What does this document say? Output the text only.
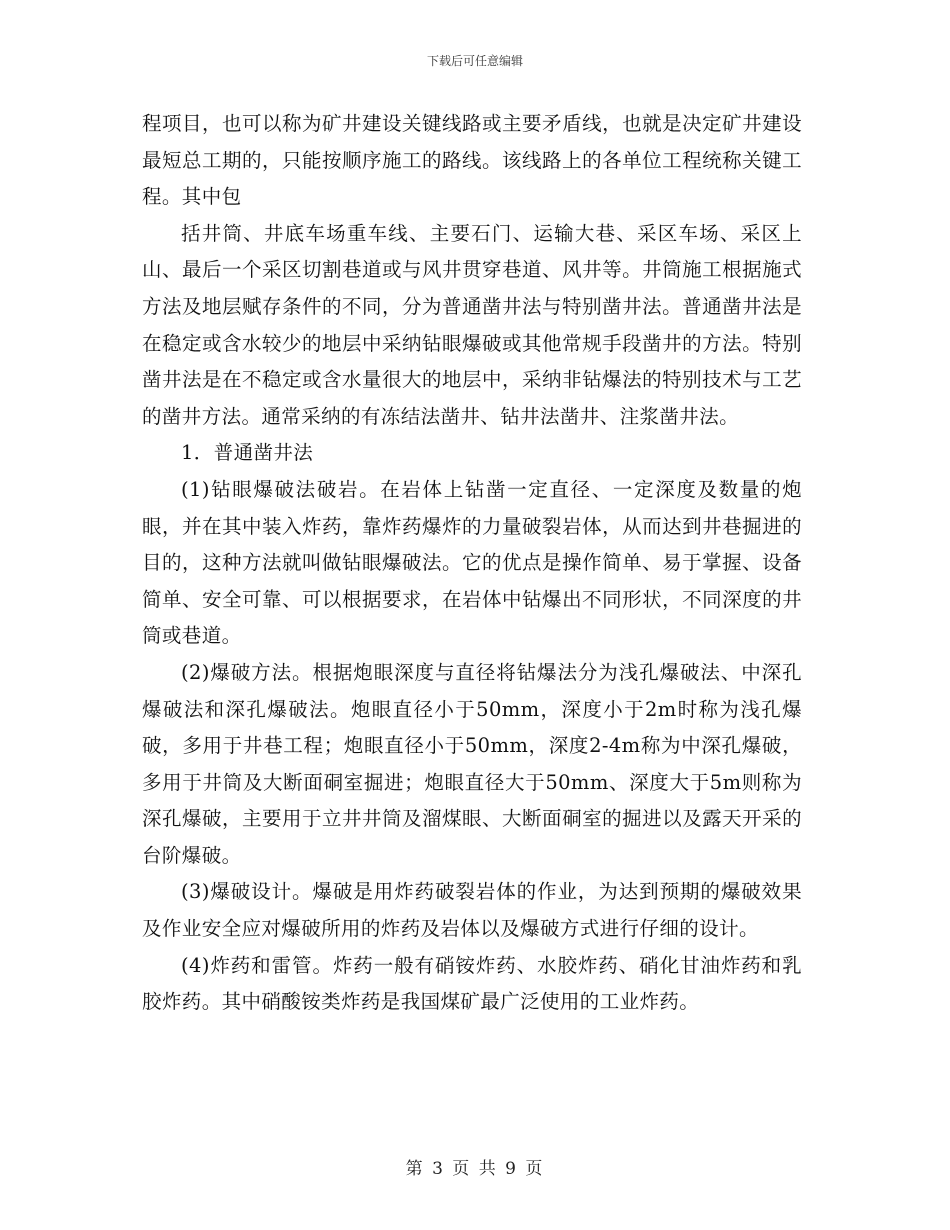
下载后可任意编辑

程项目，也可以称为矿井建设关键线路或主要矛盾线，也就是决定矿井建设最短总工期的，只能按顺序施工的路线。该线路上的各单位工程统称关键工程。其中包

括井筒、井底车场重车线、主要石门、运输大巷、采区车场、采区上山、最后一个采区切割巷道或与风井贯穿巷道、风井等。井筒施工根据施式方法及地层赋存条件的不同，分为普通凿井法与特别凿井法。普通凿井法是在稳定或含水较少的地层中采纳钻眼爆破或其他常规手段凿井的方法。特别凿井法是在不稳定或含水量很大的地层中，采纳非钻爆法的特别技术与工艺的凿井方法。通常采纳的有冻结法凿井、钻井法凿井、注浆凿井法。

1．普通凿井法

(1)钻眼爆破法破岩。在岩体上钻凿一定直径、一定深度及数量的炮眼，并在其中装入炸药，靠炸药爆炸的力量破裂岩体，从而达到井巷掘进的目的，这种方法就叫做钻眼爆破法。它的优点是操作简单、易于掌握、设备简单、安全可靠、可以根据要求，在岩体中钻爆出不同形状，不同深度的井筒或巷道。

(2)爆破方法。根据炮眼深度与直径将钻爆法分为浅孔爆破法、中深孔爆破法和深孔爆破法。炮眼直径小于50mm，深度小于2m时称为浅孔爆破，多用于井巷工程；炮眼直径小于50mm，深度2-4m称为中深孔爆破，多用于井筒及大断面硐室掘进；炮眼直径大于50mm、深度大于5m则称为深孔爆破，主要用于立井井筒及溜煤眼、大断面硐室的掘进以及露天开采的台阶爆破。

(3)爆破设计。爆破是用炸药破裂岩体的作业，为达到预期的爆破效果及作业安全应对爆破所用的炸药及岩体以及爆破方式进行仔细的设计。

(4)炸药和雷管。炸药一般有硝铵炸药、水胶炸药、硝化甘油炸药和乳胶炸药。其中硝酸铵类炸药是我国煤矿最广泛使用的工业炸药。

第 3 页 共 9 页
